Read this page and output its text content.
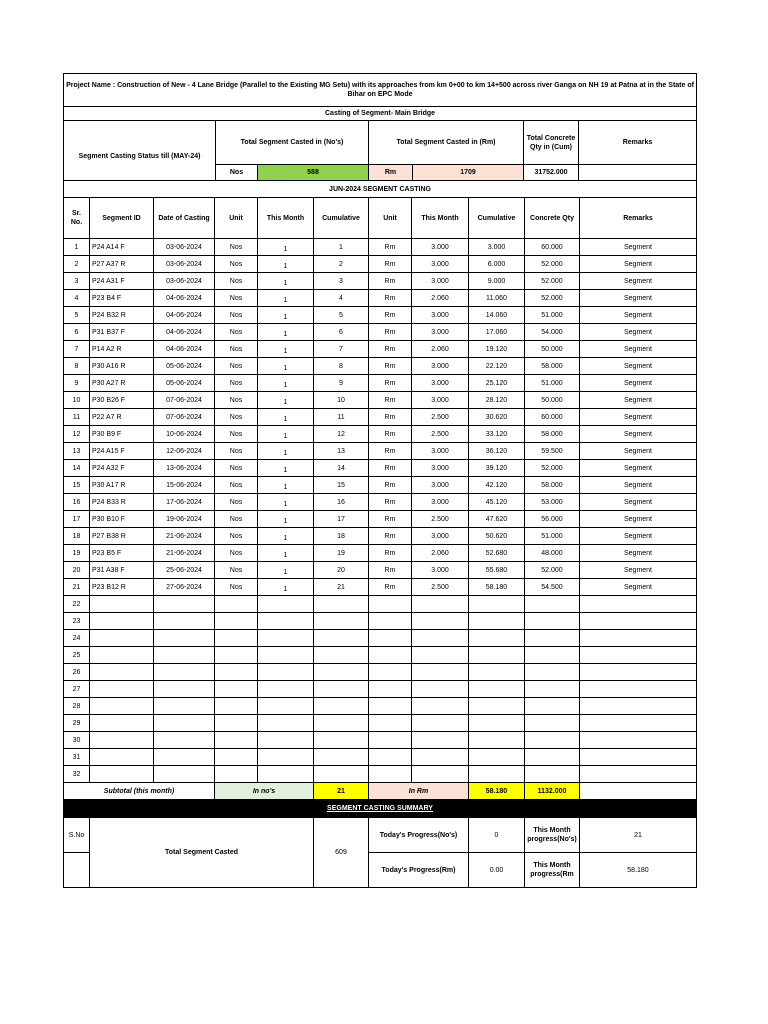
Project Name : Construction of New - 4 Lane Bridge (Parallel to the Existing MG Setu) with its approaches from km 0+00 to km 14+500 across river Ganga on NH 19 at Patna at in the State of Bihar on EPC Mode						
Casting of Segment- Main Bridge						
Segment Casting Status till (MAY-24)	Total Segment Casted in (No's)		Total Segment Casted in (Rm)		Total Concrete Qty in (Cum)	Remarks
	Nos	588	Rm	1709	31752.000	
JUN-2024 SEGMENT CASTING										
Sr. No.	Segment ID	Date of Casting	Unit	This Month	Cumulative	Unit	This Month	Cumulative	Concrete Qty	Remarks
1	P24 A14 F	03-06-2024	Nos	1	1	Rm	3.000	3.000	60.000	Segment
2	P27 A37 R	03-06-2024	Nos	1	2	Rm	3.000	6.000	52.000	Segment
3	P24 A31 F	03-06-2024	Nos	1	3	Rm	3.000	9.000	52.000	Segment
4	P23 B4 F	04-06-2024	Nos	1	4	Rm	2.060	11.060	52.000	Segment
5	P24 B32 R	04-06-2024	Nos	1	5	Rm	3.000	14.060	51.000	Segment
6	P31 B37 F	04-06-2024	Nos	1	6	Rm	3.000	17.060	54.000	Segment
7	P14 A2 R	04-06-2024	Nos	1	7	Rm	2.060	19.120	50.000	Segment
8	P30 A16 R	05-06-2024	Nos	1	8	Rm	3.000	22.120	58.000	Segment
9	P30 A27 R	05-06-2024	Nos	1	9	Rm	3.000	25.120	51.000	Segment
10	P30 B26 F	07-06-2024	Nos	1	10	Rm	3.000	28.120	50.000	Segment
11	P22 A7 R	07-06-2024	Nos	1	11	Rm	2.500	30.620	60.000	Segment
12	P30 B9 F	10-06-2024	Nos	1	12	Rm	2.500	33.120	58.000	Segment
13	P24 A15 F	12-06-2024	Nos	1	13	Rm	3.000	36.120	59.500	Segment
14	P24 A32 F	13-06-2024	Nos	1	14	Rm	3.000	39.120	52.000	Segment
15	P30 A17 R	15-06-2024	Nos	1	15	Rm	3.000	42.120	58.000	Segment
16	P24 B33 R	17-06-2024	Nos	1	16	Rm	3.000	45.120	53.000	Segment
17	P30 B10 F	19-06-2024	Nos	1	17	Rm	2.500	47.620	56.000	Segment
18	P27 B38 R	21-06-2024	Nos	1	18	Rm	3.000	50.620	51.000	Segment
19	P23 B5 F	21-06-2024	Nos	1	19	Rm	2.060	52.680	48.000	Segment
20	P31 A38 F	25-06-2024	Nos	1	20	Rm	3.000	55.680	52.000	Segment
21	P23 B12 R	27-06-2024	Nos	1	21	Rm	2.500	58.180	54.500	Segment
22										
23										
24										
25										
26										
27										
28										
29										
30										
31										
32										
Subtotal (this month)			In no's		21	In Rm		58.180	1132.000	
SEGMENT CASTING SUMMARY										
S.No	Total Segment Casted	609	Today's Progress(No's)	0	This Month progress(No's)	21
			Today's Progress(Rm)	0.00	This Month progress(Rm	58.180
